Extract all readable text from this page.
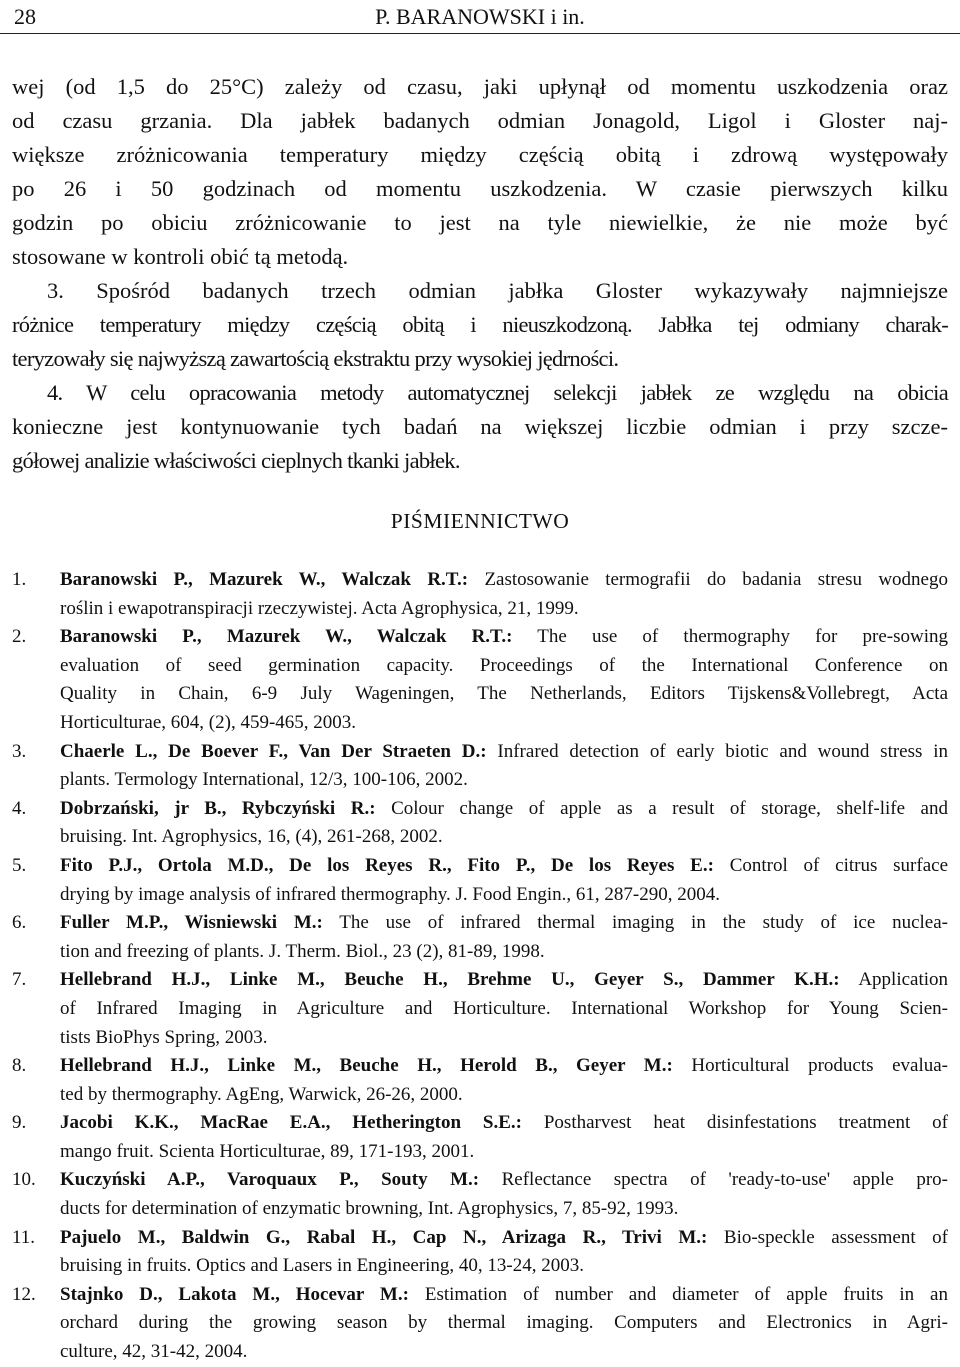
28	P. BARANOWSKI i in.
wej (od 1,5 do 25°C) zależy od czasu, jaki upłynął od momentu uszkodzenia oraz
od czasu grzania. Dla jabłek badanych odmian Jonagold, Ligol i Gloster naj-
większe zróżnicowania temperatury między częścią obitą i zdrową występowały
po 26 i 50 godzinach od momentu uszkodzenia. W czasie pierwszych kilku
godzin po obiciu zróżnicowanie to jest na tyle niewielkie, że nie może być
stosowane w kontroli obić tą metodą.
3. Spośród badanych trzech odmian jabłka Gloster wykazywały najmniejsze
różnice temperatury między częścią obitą i nieuszkodzoną. Jabłka tej odmiany charak-
teryzowały się najwyższą zawartością ekstraktu przy wysokiej jędrności.
4. W celu opracowania metody automatycznej selekcji jabłek ze względu na obicia
konieczne jest kontynuowanie tych badań na większej liczbie odmian i przy szcze-
gółowej analizie właściwości cieplnych tkanki jabłek.
PIŚMIENNICTWO
1. Baranowski P., Mazurek W., Walczak R.T.: Zastosowanie termografii do badania stresu wodnego
roślin i ewapotranspiracji rzeczywistej. Acta Agrophysica, 21, 1999.
2. Baranowski P., Mazurek W., Walczak R.T.: The use of thermography for pre-sowing
evaluation of seed germination capacity. Proceedings of the International Conference on
Quality in Chain, 6-9 July Wageningen, The Netherlands, Editors Tijskens&Vollebregt, Acta
Horticulturae, 604, (2), 459-465, 2003.
3. Chaerle L., De Boever F., Van Der Straeten D.: Infrared detection of early biotic and wound stress in
plants. Termology International, 12/3, 100-106, 2002.
4. Dobrzański, jr B., Rybczyński R.: Colour change of apple as a result of storage, shelf-life and
bruising. Int. Agrophysics, 16, (4), 261-268, 2002.
5. Fito P.J., Ortola M.D., De los Reyes R., Fito P., De los Reyes E.: Control of citrus surface
drying by image analysis of infrared thermography. J. Food Engin., 61, 287-290, 2004.
6. Fuller M.P., Wisniewski M.: The use of infrared thermal imaging in the study of ice nuclea-
tion and freezing of plants. J. Therm. Biol., 23 (2), 81-89, 1998.
7. Hellebrand H.J., Linke M., Beuche H., Brehme U., Geyer S., Dammer K.H.: Application
of Infrared Imaging in Agriculture and Horticulture. International Workshop for Young Scien-
tists BioPhys Spring, 2003.
8. Hellebrand H.J., Linke M., Beuche H., Herold B., Geyer M.: Horticultural products evalua-
ted by thermography. AgEng, Warwick, 26-26, 2000.
9. Jacobi K.K., MacRae E.A., Hetherington S.E.: Postharvest heat disinfestations treatment of
mango fruit. Scienta Horticulturae, 89, 171-193, 2001.
10. Kuczyński A.P., Varoquaux P., Souty M.: Reflectance spectra of 'ready-to-use' apple pro-
ducts for determination of enzymatic browning, Int. Agrophysics, 7, 85-92, 1993.
11. Pajuelo M., Baldwin G., Rabal H., Cap N., Arizaga R., Trivi M.: Bio-speckle assessment of
bruising in fruits. Optics and Lasers in Engineering, 40, 13-24, 2003.
12. Stajnko D., Lakota M., Hocevar M.: Estimation of number and diameter of apple fruits in an
orchard during the growing season by thermal imaging. Computers and Electronics in Agri-
culture, 42, 31-42, 2004.
